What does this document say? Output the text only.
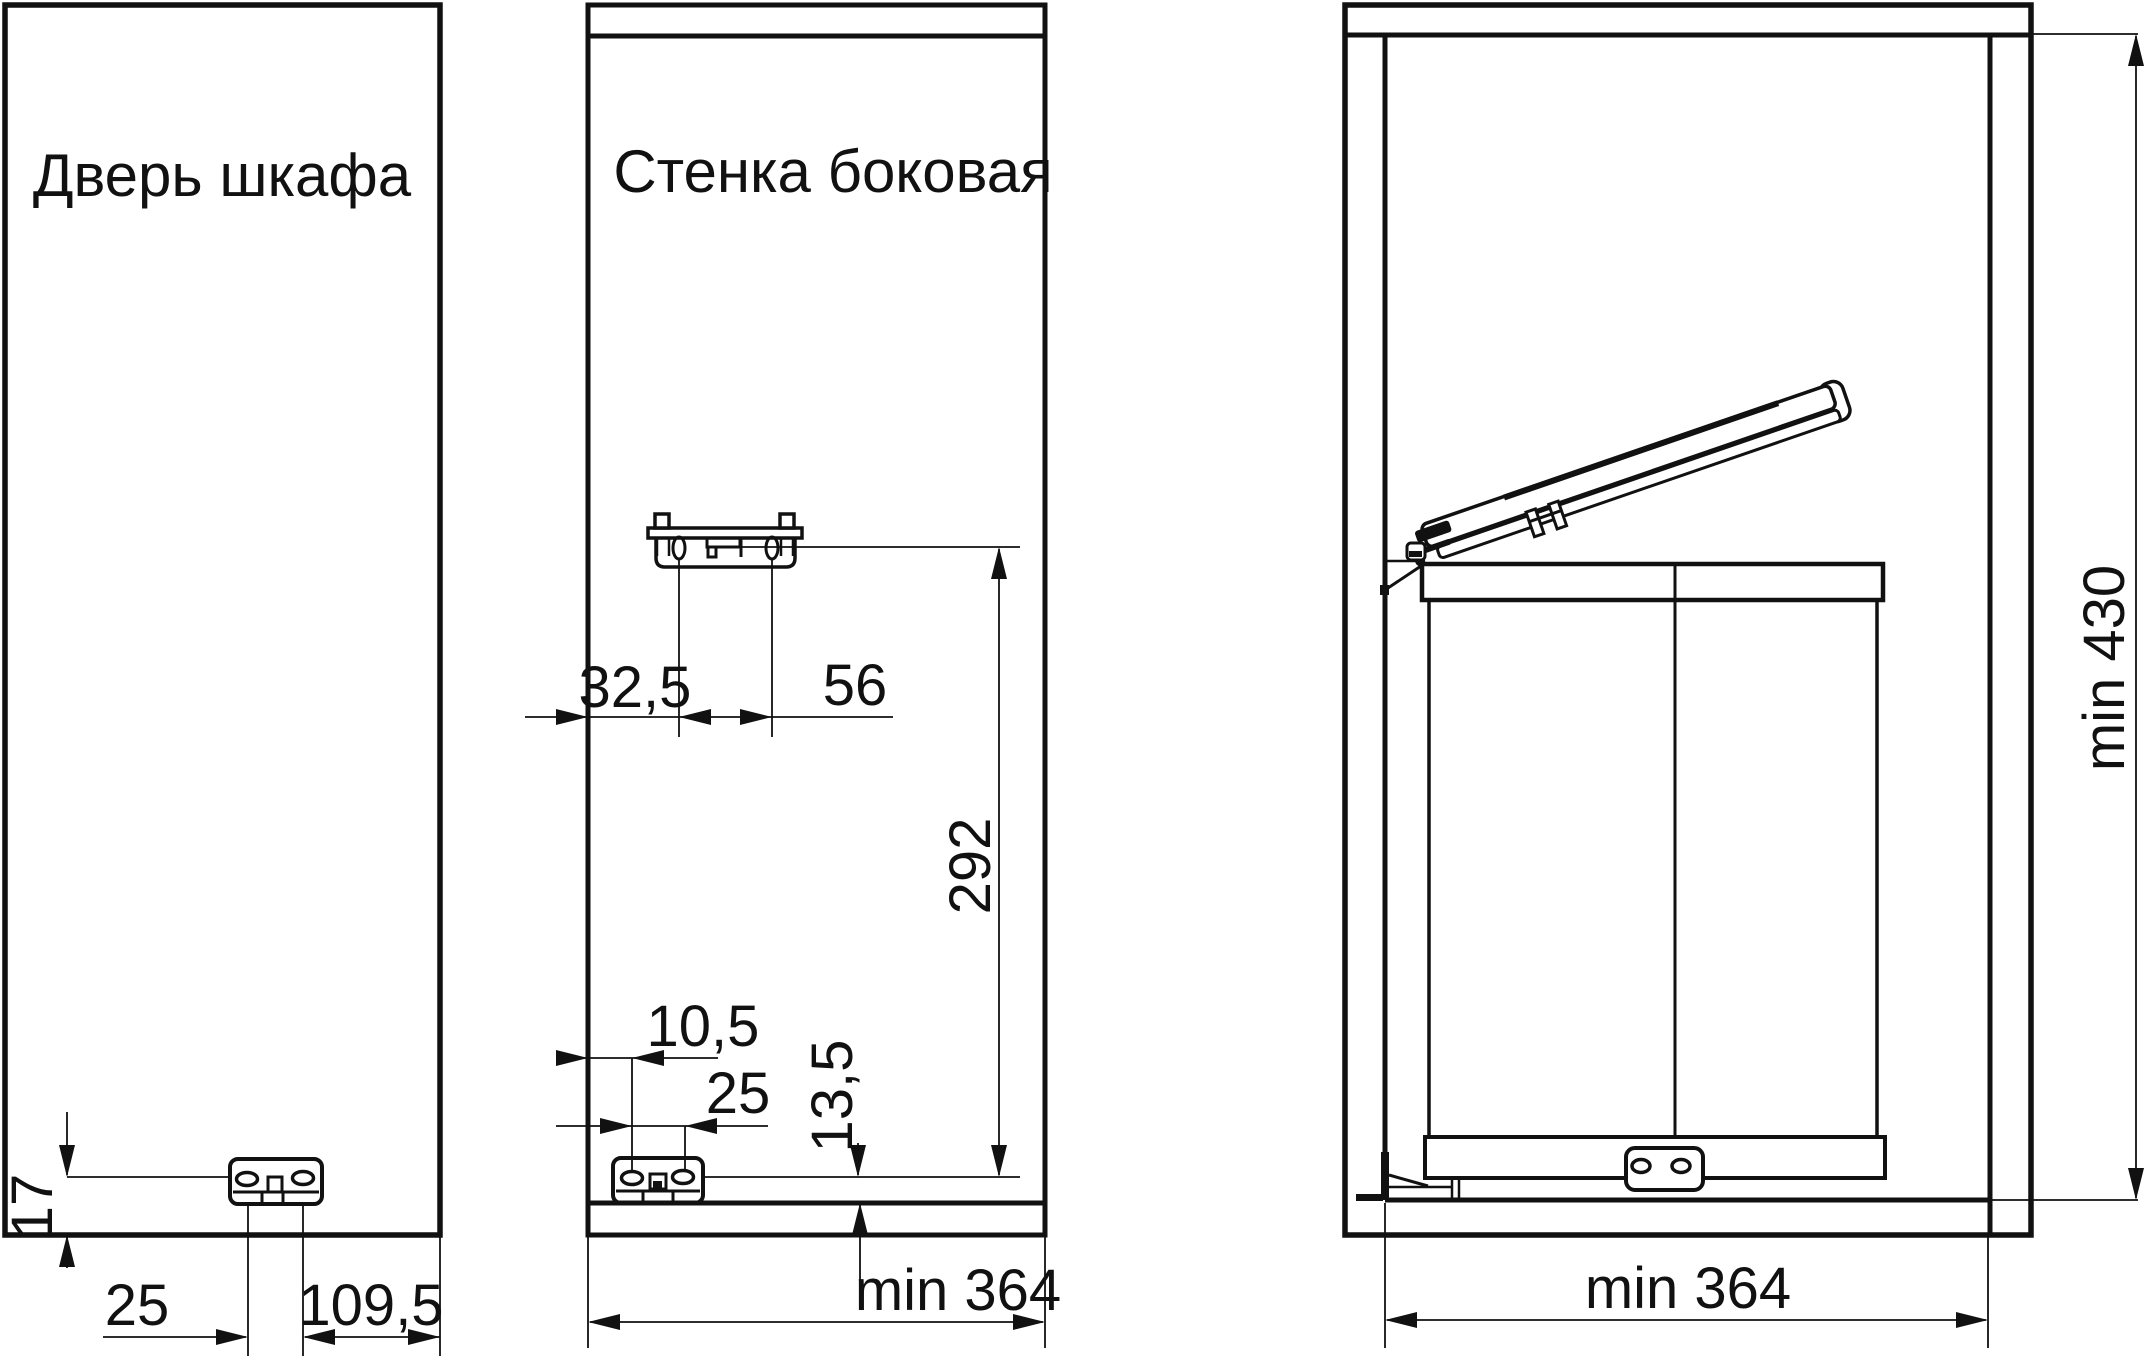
Дверь шкафа
17
25 109,5
Стенка боковая
32,5 56
292
10,5
25 13,5
min 364
min 430
min 364
